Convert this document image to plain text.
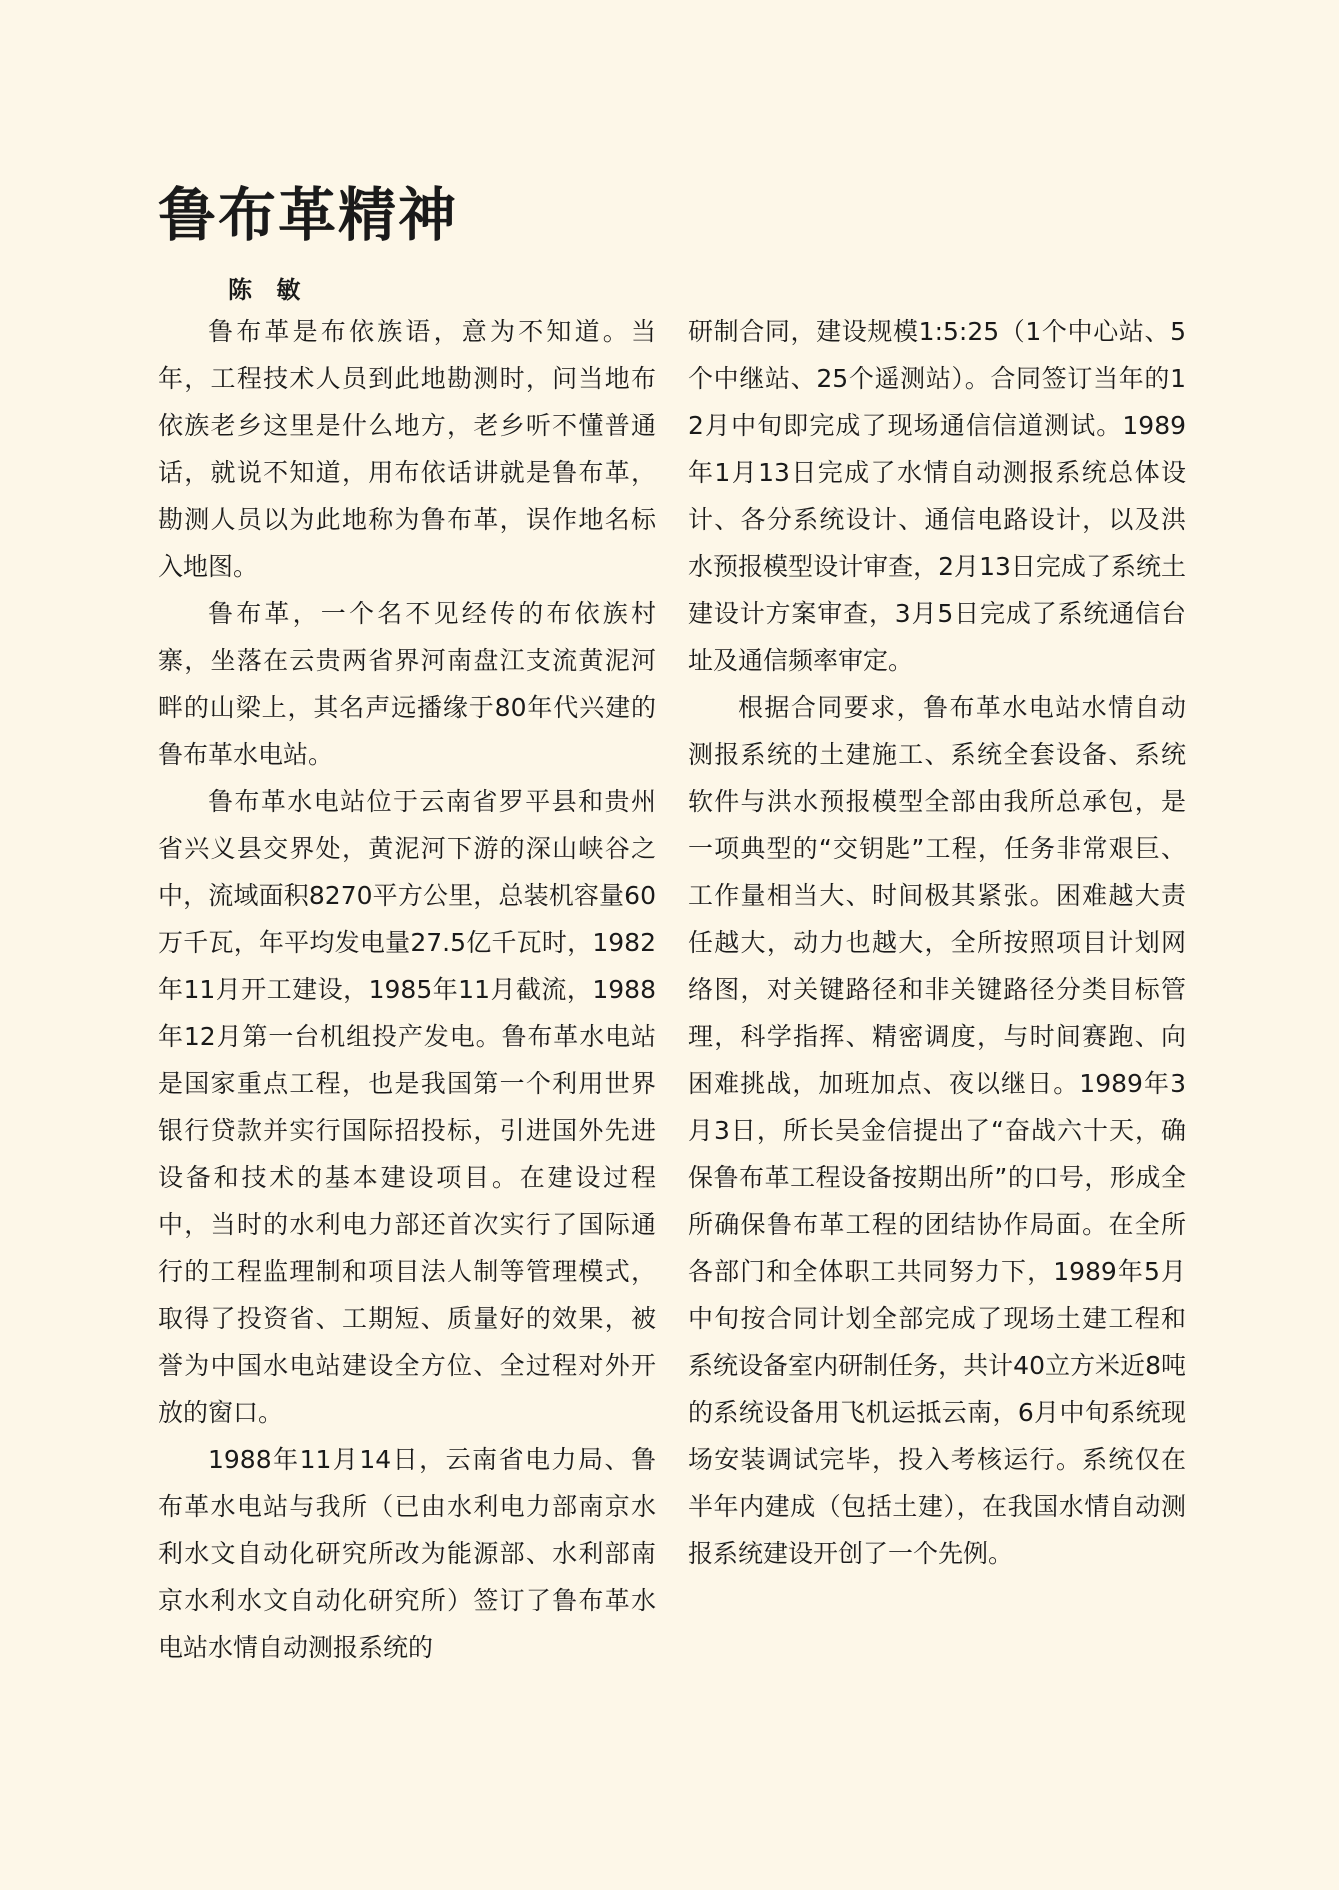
鲁布革精神
陈 敏

鲁布革是布依族语，意为不知道。当年，工程技术人员到此地勘测时，问当地布依族老乡这里是什么地方，老乡听不懂普通话，就说不知道，用布依话讲就是鲁布革，勘测人员以为此地称为鲁布革，误作地名标入地图。

鲁布革，一个名不见经传的布依族村寨，坐落在云贵两省界河南盘江支流黄泥河畔的山梁上，其名声远播缘于80年代兴建的鲁布革水电站。

鲁布革水电站位于云南省罗平县和贵州省兴义县交界处，黄泥河下游的深山峡谷之中，流域面积8270平方公里，总装机容量60万千瓦，年平均发电量27.5亿千瓦时，1982年11月开工建设，1985年11月截流，1988年12月第一台机组投产发电。鲁布革水电站是国家重点工程，也是我国第一个利用世界银行贷款并实行国际招投标，引进国外先进设备和技术的基本建设项目。在建设过程中，当时的水利电力部还首次实行了国际通行的工程监理制和项目法人制等管理模式，取得了投资省、工期短、质量好的效果，被誉为中国水电站建设全方位、全过程对外开放的窗口。

1988年11月14日，云南省电力局、鲁布革水电站与我所（已由水利电力部南京水利水文自动化研究所改为能源部、水利部南京水利水文自动化研究所）签订了鲁布革水电站水情自动测报系统的

研制合同，建设规模1:5:25（1个中心站、5个中继站、25个遥测站）。合同签订当年的12月中旬即完成了现场通信信道测试。1989年1月13日完成了水情自动测报系统总体设计、各分系统设计、通信电路设计，以及洪水预报模型设计审查，2月13日完成了系统土建设计方案审查，3月5日完成了系统通信台址及通信频率审定。

根据合同要求，鲁布革水电站水情自动测报系统的土建施工、系统全套设备、系统软件与洪水预报模型全部由我所总承包，是一项典型的“交钥匙”工程，任务非常艰巨、工作量相当大、时间极其紧张。困难越大责任越大，动力也越大，全所按照项目计划网络图，对关键路径和非关键路径分类目标管理，科学指挥、精密调度，与时间赛跑、向困难挑战，加班加点、夜以继日。1989年3月3日，所长吴金信提出了“奋战六十天，确保鲁布革工程设备按期出所”的口号，形成全所确保鲁布革工程的团结协作局面。在全所各部门和全体职工共同努力下，1989年5月中旬按合同计划全部完成了现场土建工程和系统设备室内研制任务，共计40立方米近8吨的系统设备用飞机运抵云南，6月中旬系统现场安装调试完毕，投入考核运行。系统仅在半年内建成（包括土建），在我国水情自动测报系统建设开创了一个先例。
